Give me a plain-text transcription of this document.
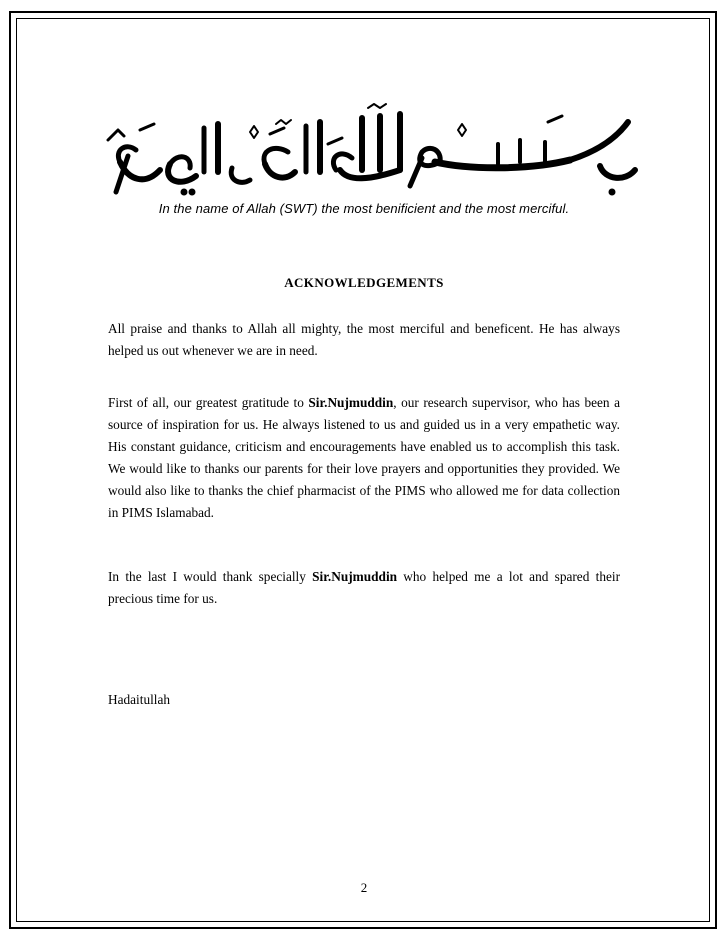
In the name of Allah (SWT) the most benificient and the most merciful.
ACKNOWLEDGEMENTS

All praise and thanks to Allah all mighty, the most merciful and beneficent. He has always helped us out whenever we are in need.

First of all, our greatest gratitude to Sir.Nujmuddin, our research supervisor, who has been a source of inspiration for us. He always listened to us and guided us in a very empathetic way. His constant guidance, criticism and encouragements have enabled us to accomplish this task. We would like to thanks our parents for their love prayers and opportunities they provided. We would also like to thanks the chief pharmacist of the PIMS who allowed me for data collection in PIMS Islamabad.

In the last I would thank specially Sir.Nujmuddin who helped me a lot and spared their precious time for us.

Hadaitullah

2
